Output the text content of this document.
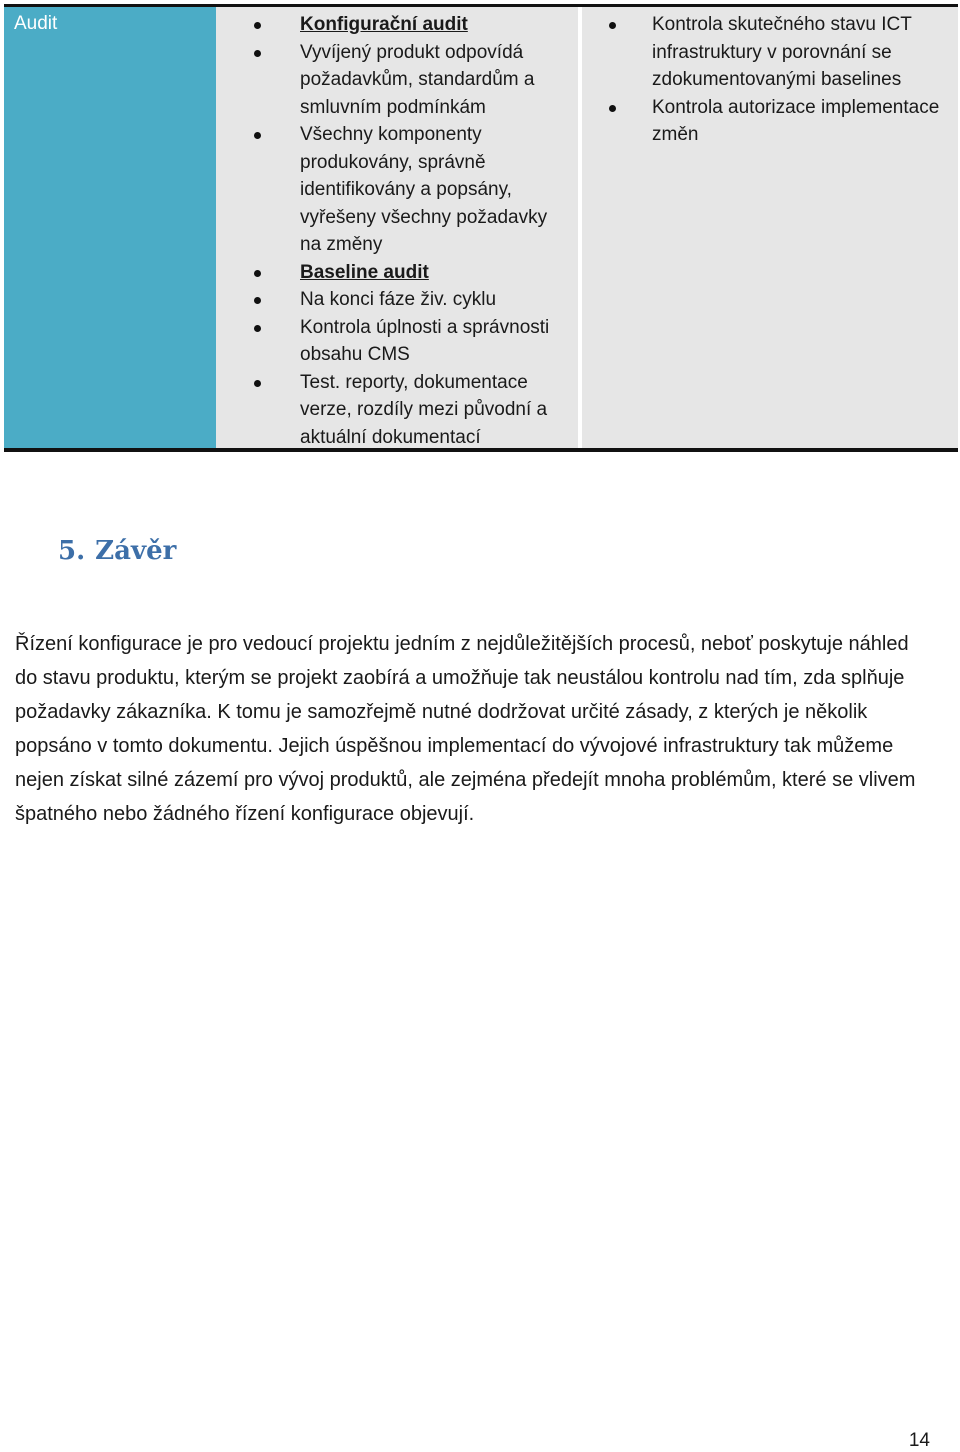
Audit	Konfigurační audit
Vyvíjený produkt odpovídá požadavkům, standardům a smluvním podmínkám
Všechny komponenty produkovány, správně identifikovány a popsány, vyřešeny všechny požadavky na změny
Baseline audit
Na konci fáze živ. cyklu
Kontrola úplnosti a správnosti obsahu CMS
Test. reporty, dokumentace verze, rozdíly mezi původní a aktuální dokumentací
Kontrola skutečného stavu ICT infrastruktury v porovnání se zdokumentovanými baselines
Kontrola autorizace implementace změn
5. Závěr

Řízení konfigurace je pro vedoucí projektu jedním z nejdůležitějších procesů, neboť poskytuje náhled do stavu produktu, kterým se projekt zaobírá a umožňuje tak neustálou kontrolu nad tím, zda splňuje požadavky zákazníka. K tomu je samozřejmě nutné dodržovat určité zásady, z kterých je několik popsáno v tomto dokumentu. Jejich úspěšnou implementací do vývojové infrastruktury tak můžeme nejen získat silné zázemí pro vývoj produktů, ale zejména předejít mnoha problémům, které se vlivem špatného nebo žádného řízení konfigurace objevují.

14
